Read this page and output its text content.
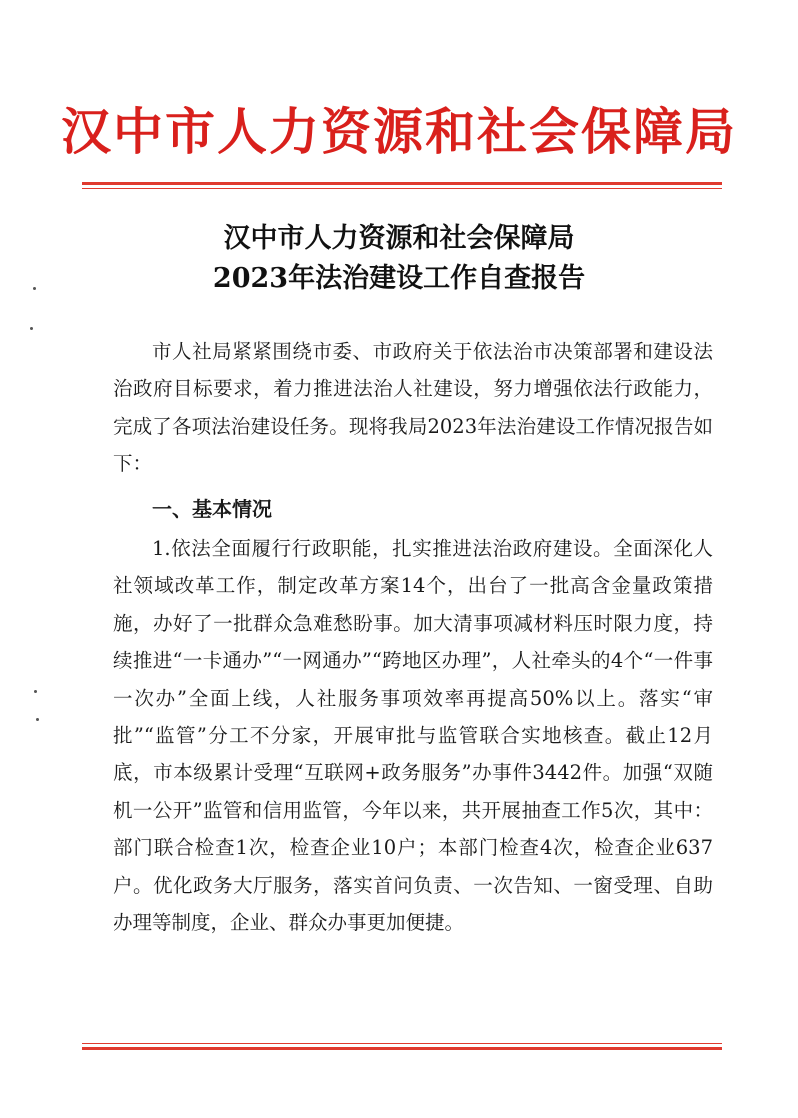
汉中市人力资源和社会保障局
汉中市人力资源和社会保障局
2023年法治建设工作自查报告
市人社局紧紧围绕市委、市政府关于依法治市决策部署和建设法治政府目标要求，着力推进法治人社建设，努力增强依法行政能力，完成了各项法治建设任务。现将我局2023年法治建设工作情况报告如下：
一、基本情况
1.依法全面履行行政职能，扎实推进法治政府建设。全面深化人社领域改革工作，制定改革方案14个，出台了一批高含金量政策措施，办好了一批群众急难愁盼事。加大清事项减材料压时限力度，持续推进“一卡通办”“一网通办”“跨地区办理”，人社牵头的4个“一件事一次办”全面上线，人社服务事项效率再提高50%以上。落实“审批”“监管”分工不分家，开展审批与监管联合实地核查。截止12月底，市本级累计受理“互联网+政务服务”办事件3442件。加强“双随机一公开”监管和信用监管，今年以来，共开展抽查工作5次，其中：部门联合检查1次，检查企业10户；本部门检查4次，检查企业637户。优化政务大厅服务，落实首问负责、一次告知、一窗受理、自助办理等制度，企业、群众办事更加便捷。
